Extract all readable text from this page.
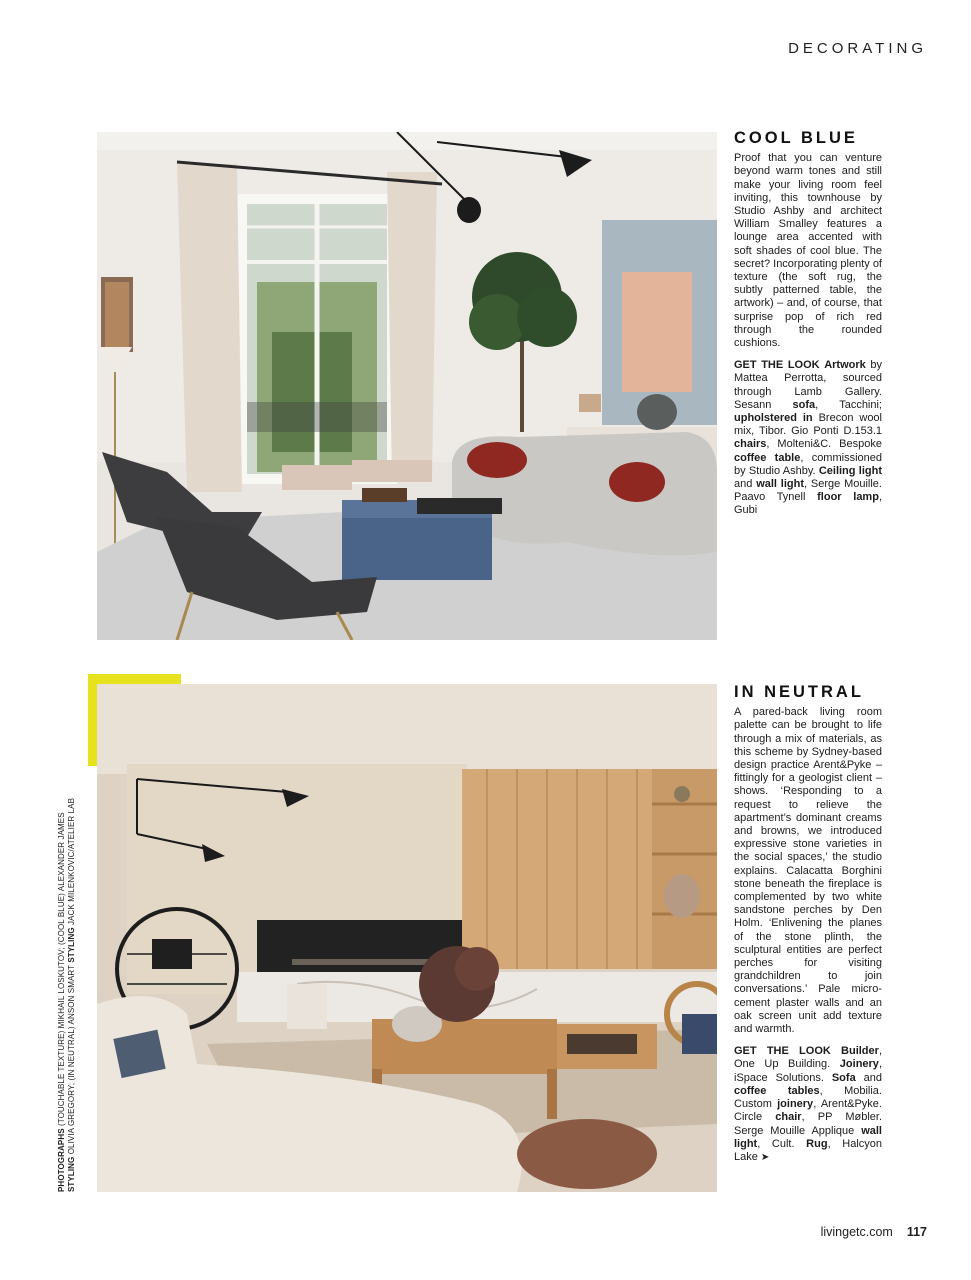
DECORATING
COOL BLUE

Proof that you can venture beyond warm tones and still make your living room feel inviting, this townhouse by Studio Ashby and architect William Smalley features a lounge area accented with soft shades of cool blue. The secret? Incorporating plenty of texture (the soft rug, the subtly patterned table, the artwork) – and, of course, that surprise pop of rich red through the rounded cushions.

GET THE LOOK Artwork by Mattea Perrotta, sourced through Lamb Gallery. Sesann sofa, Tacchini; upholstered in Brecon wool mix, Tibor. Gio Ponti D.153.1 chairs, Molteni&C. Bespoke coffee table, commissioned by Studio Ashby. Ceiling light and wall light, Serge Mouille. Paavo Tynell floor lamp, Gubi

IN NEUTRAL

A pared-back living room palette can be brought to life through a mix of materials, as this scheme by Sydney-based design practice Arent&Pyke – fittingly for a geologist client – shows. ‘Responding to a request to relieve the apartment’s dominant creams and browns, we introduced expressive stone varieties in the social spaces,’ the studio explains. Calacatta Borghini stone beneath the fireplace is complemented by two white sandstone perches by Den Holm. ‘Enlivening the planes of the stone plinth, the sculptural entities are perfect perches for visiting grandchildren to join conversations.’ Pale micro-cement plaster walls and an oak screen unit add texture and warmth.

GET THE LOOK Builder, One Up Building. Joinery, iSpace Solutions. Sofa and coffee tables, Mobilia. Custom joinery, Arent&Pyke. Circle chair, PP Møbler. Serge Mouille Applique wall light, Cult. Rug, Halcyon Lake ➤

PHOTOGRAPHS (TOUCHABLE TEXTURE) MIKHAIL LOSKUTOV; (COOL BLUE) ALEXANDER JAMES
STYLING OLIVIA GREGORY; (IN NEUTRAL) ANSON SMART STYLING JACK MILENKOVIC/ATELIER LAB
livingetc.com 117
